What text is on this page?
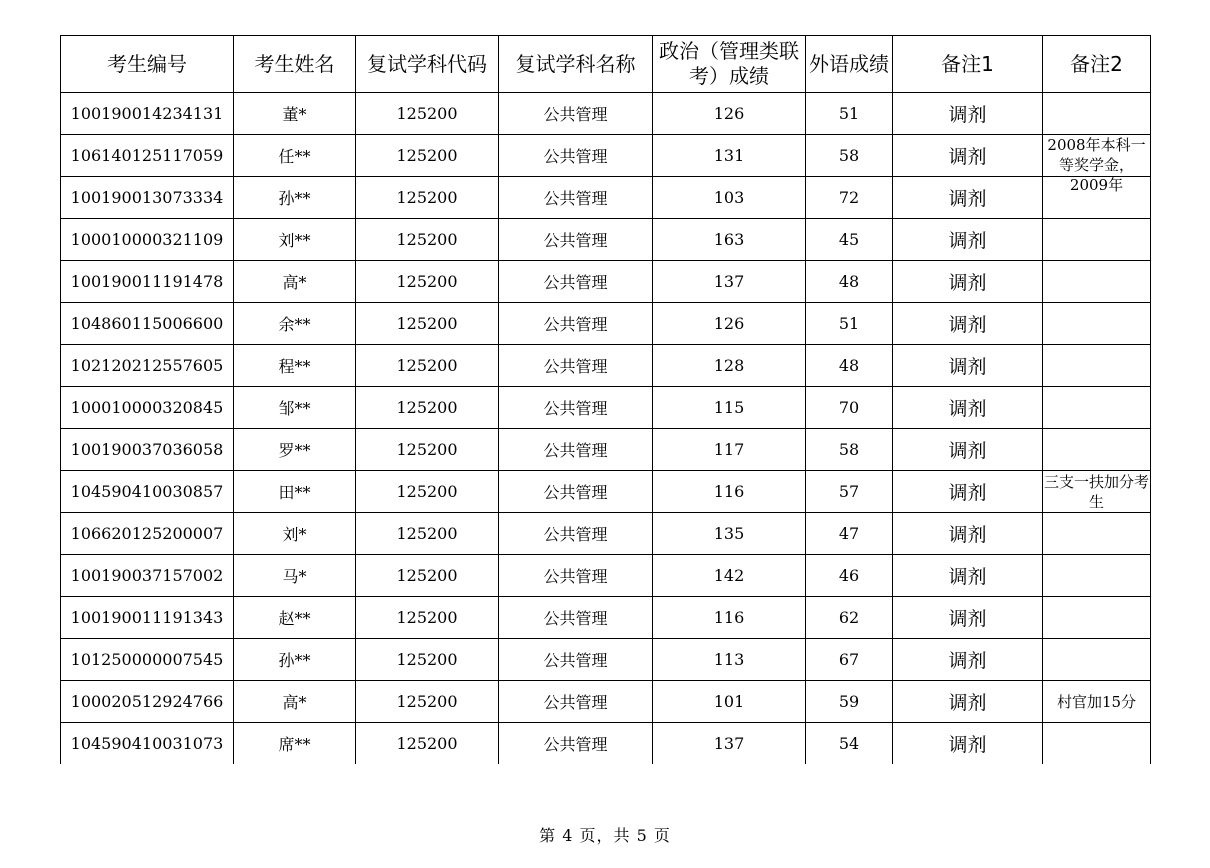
考生编号	考生姓名	复试学科代码	复试学科名称	政治（管理类联考）成绩	外语成绩	备注1	备注2
100190014234131	董*	125200	公共管理	126	51	调剂	

106140125117059	任**	125200	公共管理	131	58	调剂	2008年本科一等奖学金，2009年

100190013073334	孙**	125200	公共管理	103	72	调剂	

100010000321109	刘**	125200	公共管理	163	45	调剂	

100190011191478	高*	125200	公共管理	137	48	调剂	

104860115006600	余**	125200	公共管理	126	51	调剂	

102120212557605	程**	125200	公共管理	128	48	调剂	

100010000320845	邹**	125200	公共管理	115	70	调剂	

100190037036058	罗**	125200	公共管理	117	58	调剂	

104590410030857	田**	125200	公共管理	116	57	调剂	三支一扶加分考生

106620125200007	刘*	125200	公共管理	135	47	调剂	

100190037157002	马*	125200	公共管理	142	46	调剂	

100190011191343	赵**	125200	公共管理	116	62	调剂	

101250000007545	孙**	125200	公共管理	113	67	调剂	

100020512924766	高*	125200	公共管理	101	59	调剂	村官加15分

104590410031073	席**	125200	公共管理	137	54	调剂	
第 4 页，共 5 页
